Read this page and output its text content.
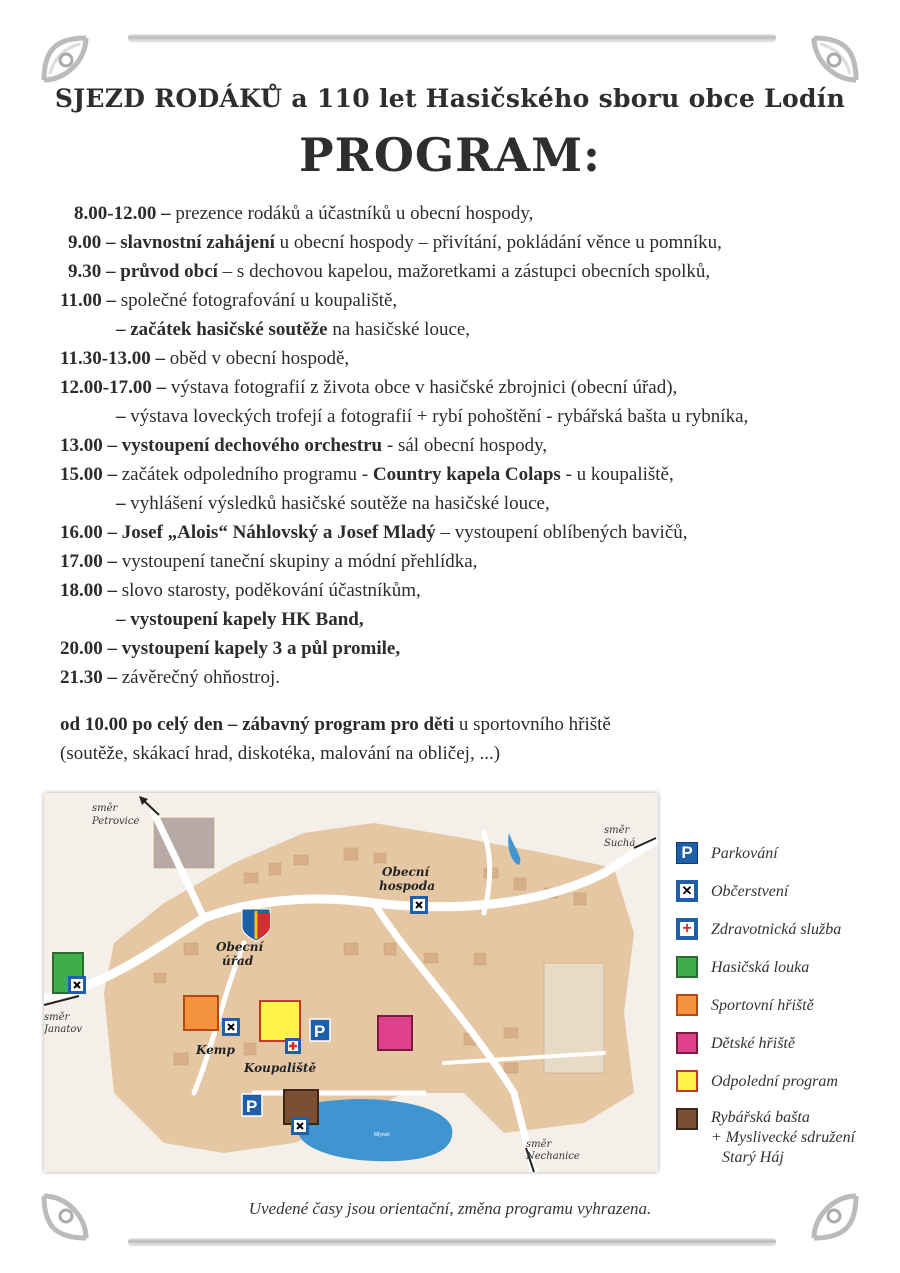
SJEZD RODÁKŮ a 110 let Hasičského sboru obce Lodín
PROGRAM:
8.00-12.00 – prezence rodáků a účastníků u obecní hospody,
9.00 – slavnostní zahájení u obecní hospody – přivítání, pokládání věnce u pomníku,
9.30 – průvod obcí – s dechovou kapelou, mažoretkami a zástupci obecních spolků,
11.00 – společné fotografování u koupaliště,
– začátek hasičské soutěže na hasičské louce,
11.30-13.00 – oběd v obecní hospodě,
12.00-17.00 – výstava fotografií z života obce v hasičské zbrojnici (obecní úřad),
– výstava loveckých trofejí a fotografií + rybí pohoštění - rybářská bašta u rybníka,
13.00 – vystoupení dechového orchestru - sál obecní hospody,
15.00 – začátek odpoledního programu - Country kapela Colaps - u koupaliště,
– vyhlášení výsledků hasičské soutěže na hasičské louce,
16.00 – Josef „Alois“ Náhlovský a Josef Mladý – vystoupení oblíbených bavičů,
17.00 – vystoupení taneční skupiny a módní přehlídka,
18.00 – slovo starosty, poděkování účastníkům,
– vystoupení kapely HK Band,
20.00 – vystoupení kapely 3 a půl promile,
21.30 – závěrečný ohňostroj.
od 10.00 po celý den – zábavný program pro děti u sportovního hřiště
(soutěže, skákací hrad, diskotéka, malování na obličej, ...)
Mlýnek
směr
Petrovice
směr
Suchá
směr
Janatov
směr
Nechanice
Obecní
hospoda
Obecní
úřad
Kemp
Koupaliště
P
P
P	Parkování
✕ Občerstvení
+ Zdravotnická služba
Hasičská louka
Sportovní hřiště
Dětské hřiště
Odpolední program
Rybářská bašta
+ Myslivecké sdružení
Starý Háj
Uvedené časy jsou orientační, změna programu vyhrazena.
